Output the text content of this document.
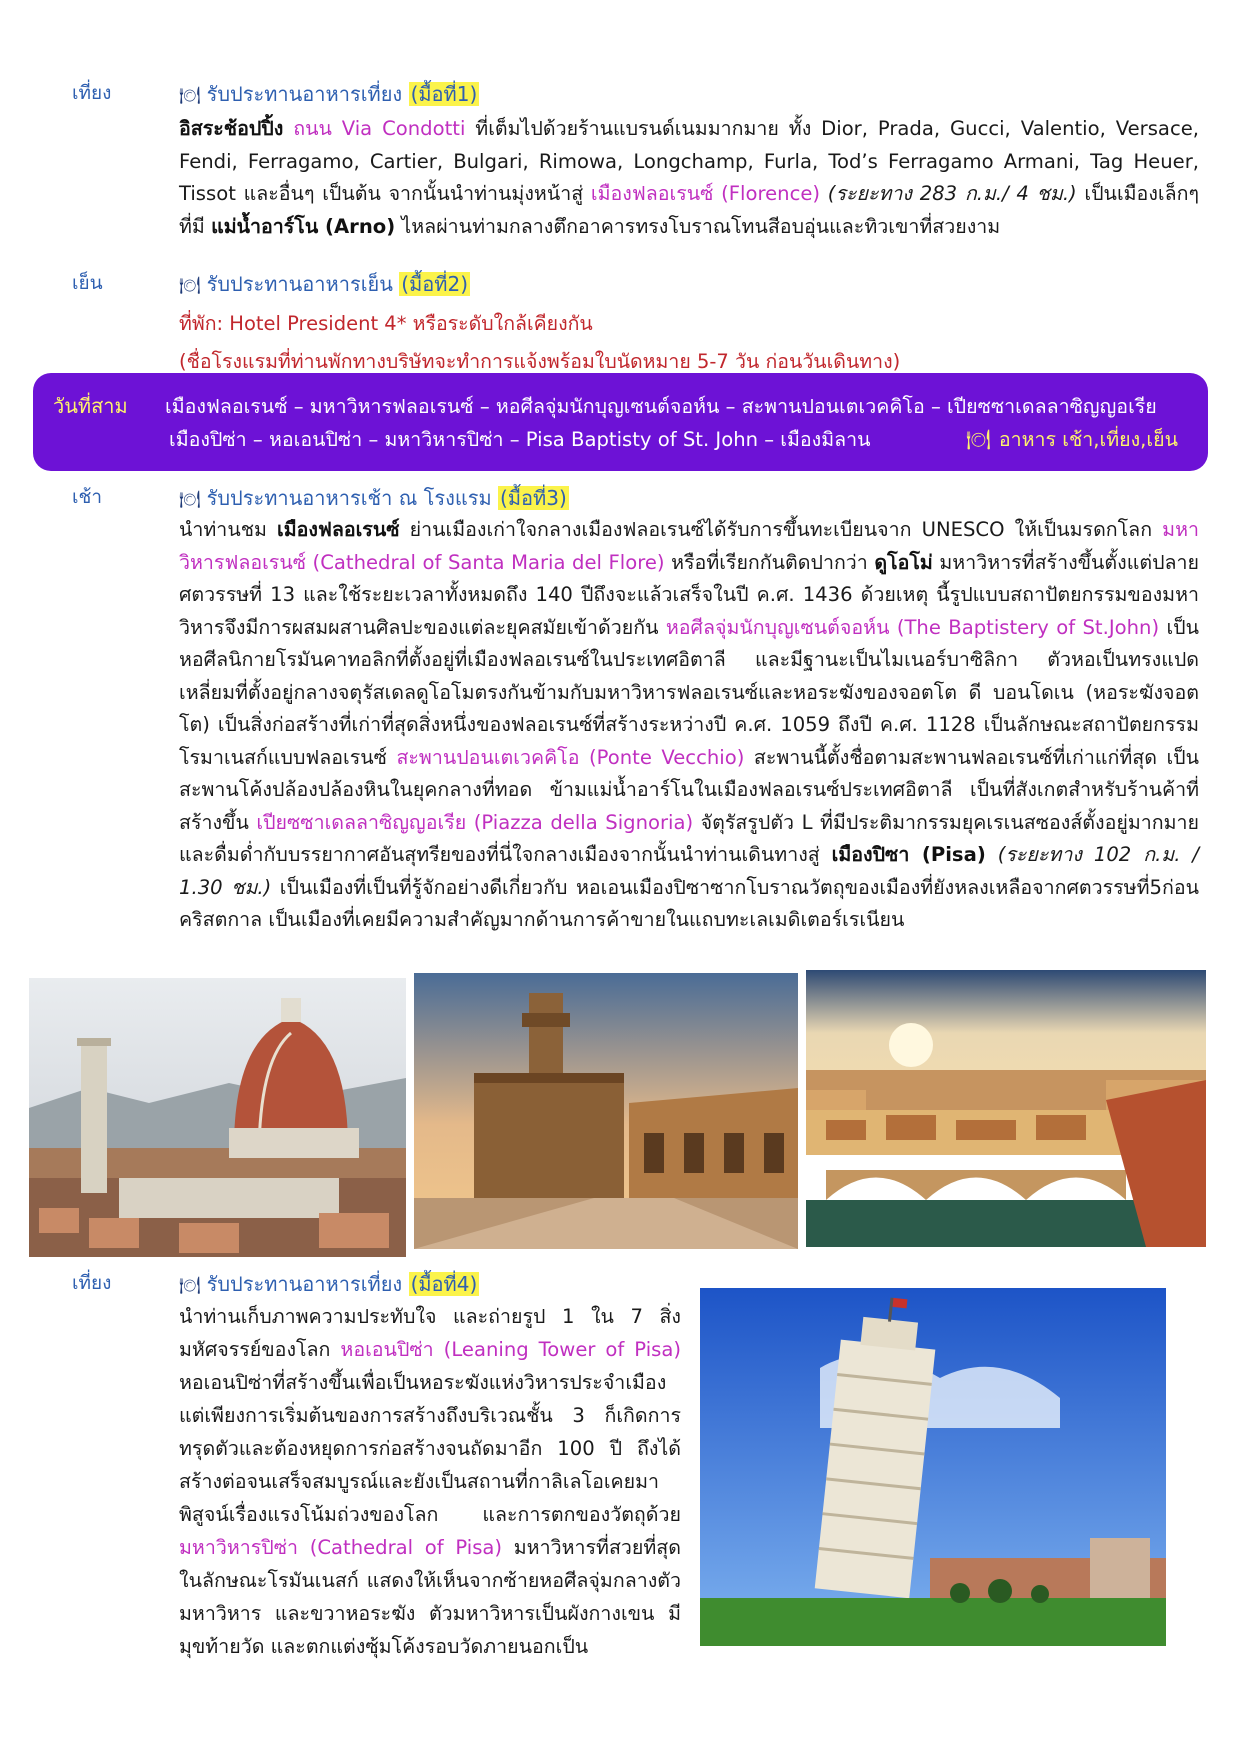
เที่ยง	🍽 รับประทานอาหารเที่ยง (มื้อที่1)
อิสระช้อปปิ้ง ถนน Via Condotti ที่เต็มไปด้วยร้านแบรนด์เนมมากมาย ทั้ง Dior, Prada, Gucci, Valentio, Versace, Fendi, Ferragamo, Cartier, Bulgari, Rimowa, Longchamp, Furla, Tod’s Ferragamo Armani, Tag Heuer, Tissot และอื่นๆ เป็นต้น จากนั้นนำท่านมุ่งหน้าสู่ เมืองฟลอเรนซ์ (Florence) (ระยะทาง 283 ก.ม./ 4 ชม.) เป็นเมืองเล็กๆ ที่มี แม่น้ำอาร์โน (Arno) ไหลผ่านท่ามกลางตึกอาคารทรงโบราณโทนสีอบอุ่นและทิวเขาที่สวยงาม
เย็น	🍽 รับประทานอาหารเย็น (มื้อที่2)
ที่พัก: Hotel President 4* หรือระดับใกล้เคียงกัน
(ชื่อโรงแรมที่ท่านพักทางบริษัทจะทำการแจ้งพร้อมใบนัดหมาย 5-7 วัน ก่อนวันเดินทาง)
วันที่สาม เมืองฟลอเรนซ์ – มหาวิหารฟลอเรนซ์ – หอศีลจุ่มนักบุญเซนต์จอห์น – สะพานปอนเตเวคคิโอ – เปียซซาเดลลาซิญญอเรีย
เมืองปิซ่า – หอเอนปิซ่า – มหาวิหารปิซ่า – Pisa Baptisty of St. John – เมืองมิลาน	🍽 อาหาร เช้า,เที่ยง,เย็น
เช้า	🍽 รับประทานอาหารเช้า ณ โรงแรม (มื้อที่3)
นำท่านชม เมืองฟลอเรนซ์ ย่านเมืองเก่าใจกลางเมืองฟลอเรนซ์ได้รับการขึ้นทะเบียนจาก UNESCO ให้เป็นมรดกโลก มหาวิหารฟลอเรนซ์ (Cathedral of Santa Maria del Flore) หรือที่เรียกกันติดปากว่า ดูโอโม่ มหาวิหารที่สร้างขึ้นตั้งแต่ปลายศตวรรษที่ 13 และใช้ระยะเวลาทั้งหมดถึง 140 ปีถึงจะแล้วเสร็จในปี ค.ศ. 1436 ด้วยเหตุ นี้รูปแบบสถาปัตยกรรมของมหาวิหารจึงมีการผสมผสานศิลปะของแต่ละยุคสมัยเข้าด้วยกัน หอศีลจุ่มนักบุญเซนต์จอห์น (The Baptistery of St.John) เป็นหอศีลนิกายโรมันคาทอลิกที่ตั้งอยู่ที่เมืองฟลอเรนซ์ในประเทศอิตาลี และมีฐานะเป็นไมเนอร์บาซิลิกา ตัวหอเป็นทรงแปดเหลี่ยมที่ตั้งอยู่กลางจตุรัสเดลดูโอโมตรงกันข้ามกับมหาวิหารฟลอเรนซ์และหอระฆังของจอตโต ดี บอนโดเน (หอระฆังจอตโต) เป็นสิ่งก่อสร้างที่เก่าที่สุดสิ่งหนึ่งของฟลอเรนซ์ที่สร้างระหว่างปี ค.ศ. 1059 ถึงปี ค.ศ. 1128 เป็นลักษณะสถาปัตยกรรมโรมาเนสก์แบบฟลอเรนซ์ สะพานปอนเตเวคคิโอ (Ponte Vecchio) สะพานนี้ตั้งชื่อตามสะพานฟลอเรนซ์ที่เก่าแก่ที่สุด เป็นสะพานโค้งปล้องปล้องหินในยุคกลางที่ทอด ข้ามแม่น้ำอาร์โนในเมืองฟลอเรนซ์ประเทศอิตาลี เป็นที่สังเกตสำหรับร้านค้าที่สร้างขึ้น เปียซซาเดลลาซิญญอเรีย (Piazza della Signoria) จัตุรัสรูปตัว L ที่มีประติมากรรมยุคเรเนสซองส์ตั้งอยู่มากมาย และดื่มด่ำกับบรรยากาศอันสุทรียของที่นี่ใจกลางเมืองจากนั้นนำท่านเดินทางสู่ เมืองปิซา (Pisa) (ระยะทาง 102 ก.ม. / 1.30 ชม.) เป็นเมืองที่เป็นที่รู้จักอย่างดีเกี่ยวกับ หอเอนเมืองปิซาซากโบราณวัตถุของเมืองที่ยังหลงเหลือจากศตวรรษที่5ก่อนคริสตกาล เป็นเมืองที่เคยมีความสำคัญมากด้านการค้าขายในแถบทะเลเมดิเตอร์เรเนียน
เที่ยง	🍽 รับประทานอาหารเที่ยง (มื้อที่4)
นำท่านเก็บภาพความประทับใจ และถ่ายรูป 1 ใน 7 สิ่งมหัศจรรย์ของโลก หอเอนปิซ่า (Leaning Tower of Pisa) หอเอนปิซ่าที่สร้างขึ้นเพื่อเป็นหอระฆังแห่งวิหารประจำเมือง แต่เพียงการเริ่มต้นของการสร้างถึงบริเวณชั้น 3 ก็เกิดการทรุดตัวและต้องหยุดการก่อสร้างจนถัดมาอีก 100 ปี ถึงได้สร้างต่อจนเสร็จสมบูรณ์และยังเป็นสถานที่กาลิเลโอเคยมาพิสูจน์เรื่องแรงโน้มถ่วงของโลก และการตกของวัตถุด้วย มหาวิหารปิซ่า (Cathedral of Pisa) มหาวิหารที่สวยที่สุดในลักษณะโรมันเนสก์ แสดงให้เห็นจากซ้ายหอศีลจุ่มกลางตัวมหาวิหาร และขวาหอระฆัง ตัวมหาวิหารเป็นผังกางเขน มีมุขท้ายวัด และตกแต่งซุ้มโค้งรอบวัดภายนอกเป็น
